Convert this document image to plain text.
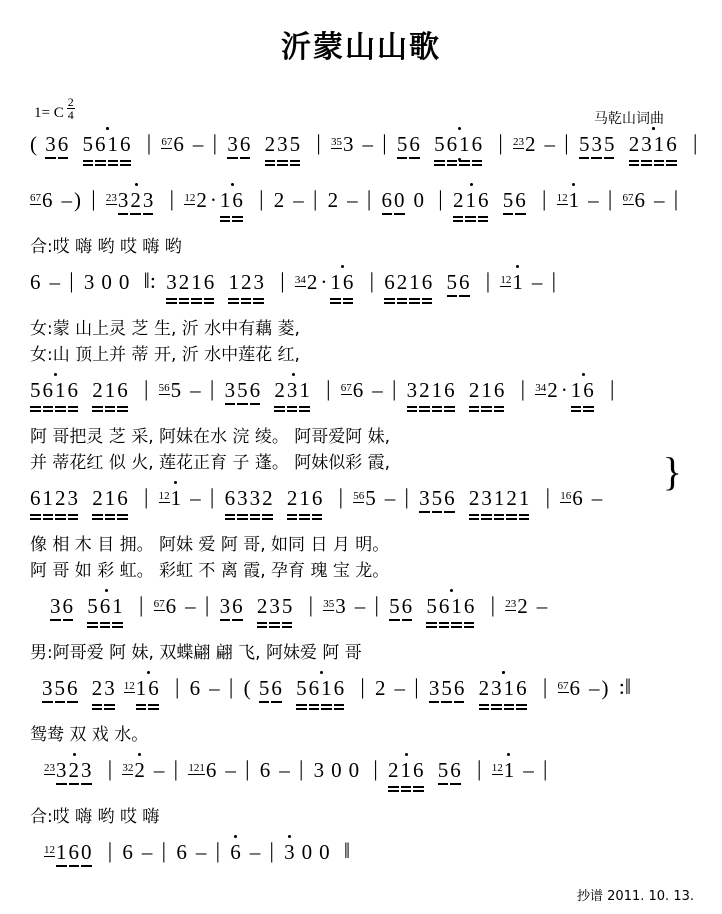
沂蒙山山歌
1= C $\frac{2}{4}$	马乾山词曲
( 36 5616 | 67 6 – | 36 235 | 35 3 – | 56 5616 | 23 2 – | 535 2316 |
67 6 –) | 23 323 | 12 2 · 16 | 2 – | 2 – | 60 0 | 216 56 | 12 1 – | 67 6 – |
合:哎 嗨 哟 哎 嗨 哟
6 – | 3 0 0 ‖: 3216 123 | 34 2 · 16 | 6216 56 | 12 1 – |
女:蒙 山上灵 芝 生, 沂 水中有藕 菱,
女:山 顶上并 蒂 开, 沂 水中莲花 红,
5616 216 | 56 5 – | 356 231 | 67 6 – | 3216 216 | 34 2 · 16 |
阿 哥把灵 芝 采, 阿妹在水 浣 绫。 阿哥爱阿 妹,
并 蒂花红 似 火, 莲花正育 子 蓬。 阿妹似彩 霞,
6123 216 | 12 1 – | 6332 216 | 56 5 – | 356 23121 | 16 6 –
像 相 木 目 拥。 阿妹 爱 阿 哥, 如同 日 月 明。
阿 哥 如 彩 虹。 彩虹 不 离 霞, 孕育 瑰 宝 龙。
}
36 561 | 67 6 – | 36 235 | 35 3 – | 56 5616 | 23 2 –
男:阿哥爱 阿 妹, 双蝶翩 翩 飞, 阿妹爱 阿 哥
356 23 12 16 | 6 – | ( 56 5616 | 2 – | 356 2316 | 67 6 –) :‖
鸳鸯 双 戏 水。
23 323 | 32 2 – | 121 6 – | 6 – | 3 0 0 | 216 56 | 12 1 – |
合:哎 嗨 哟 哎 嗨
12 160 | 6 – | 6 – | 6 – | 3 0 0 ‖
抄谱 2011. 10. 13.
